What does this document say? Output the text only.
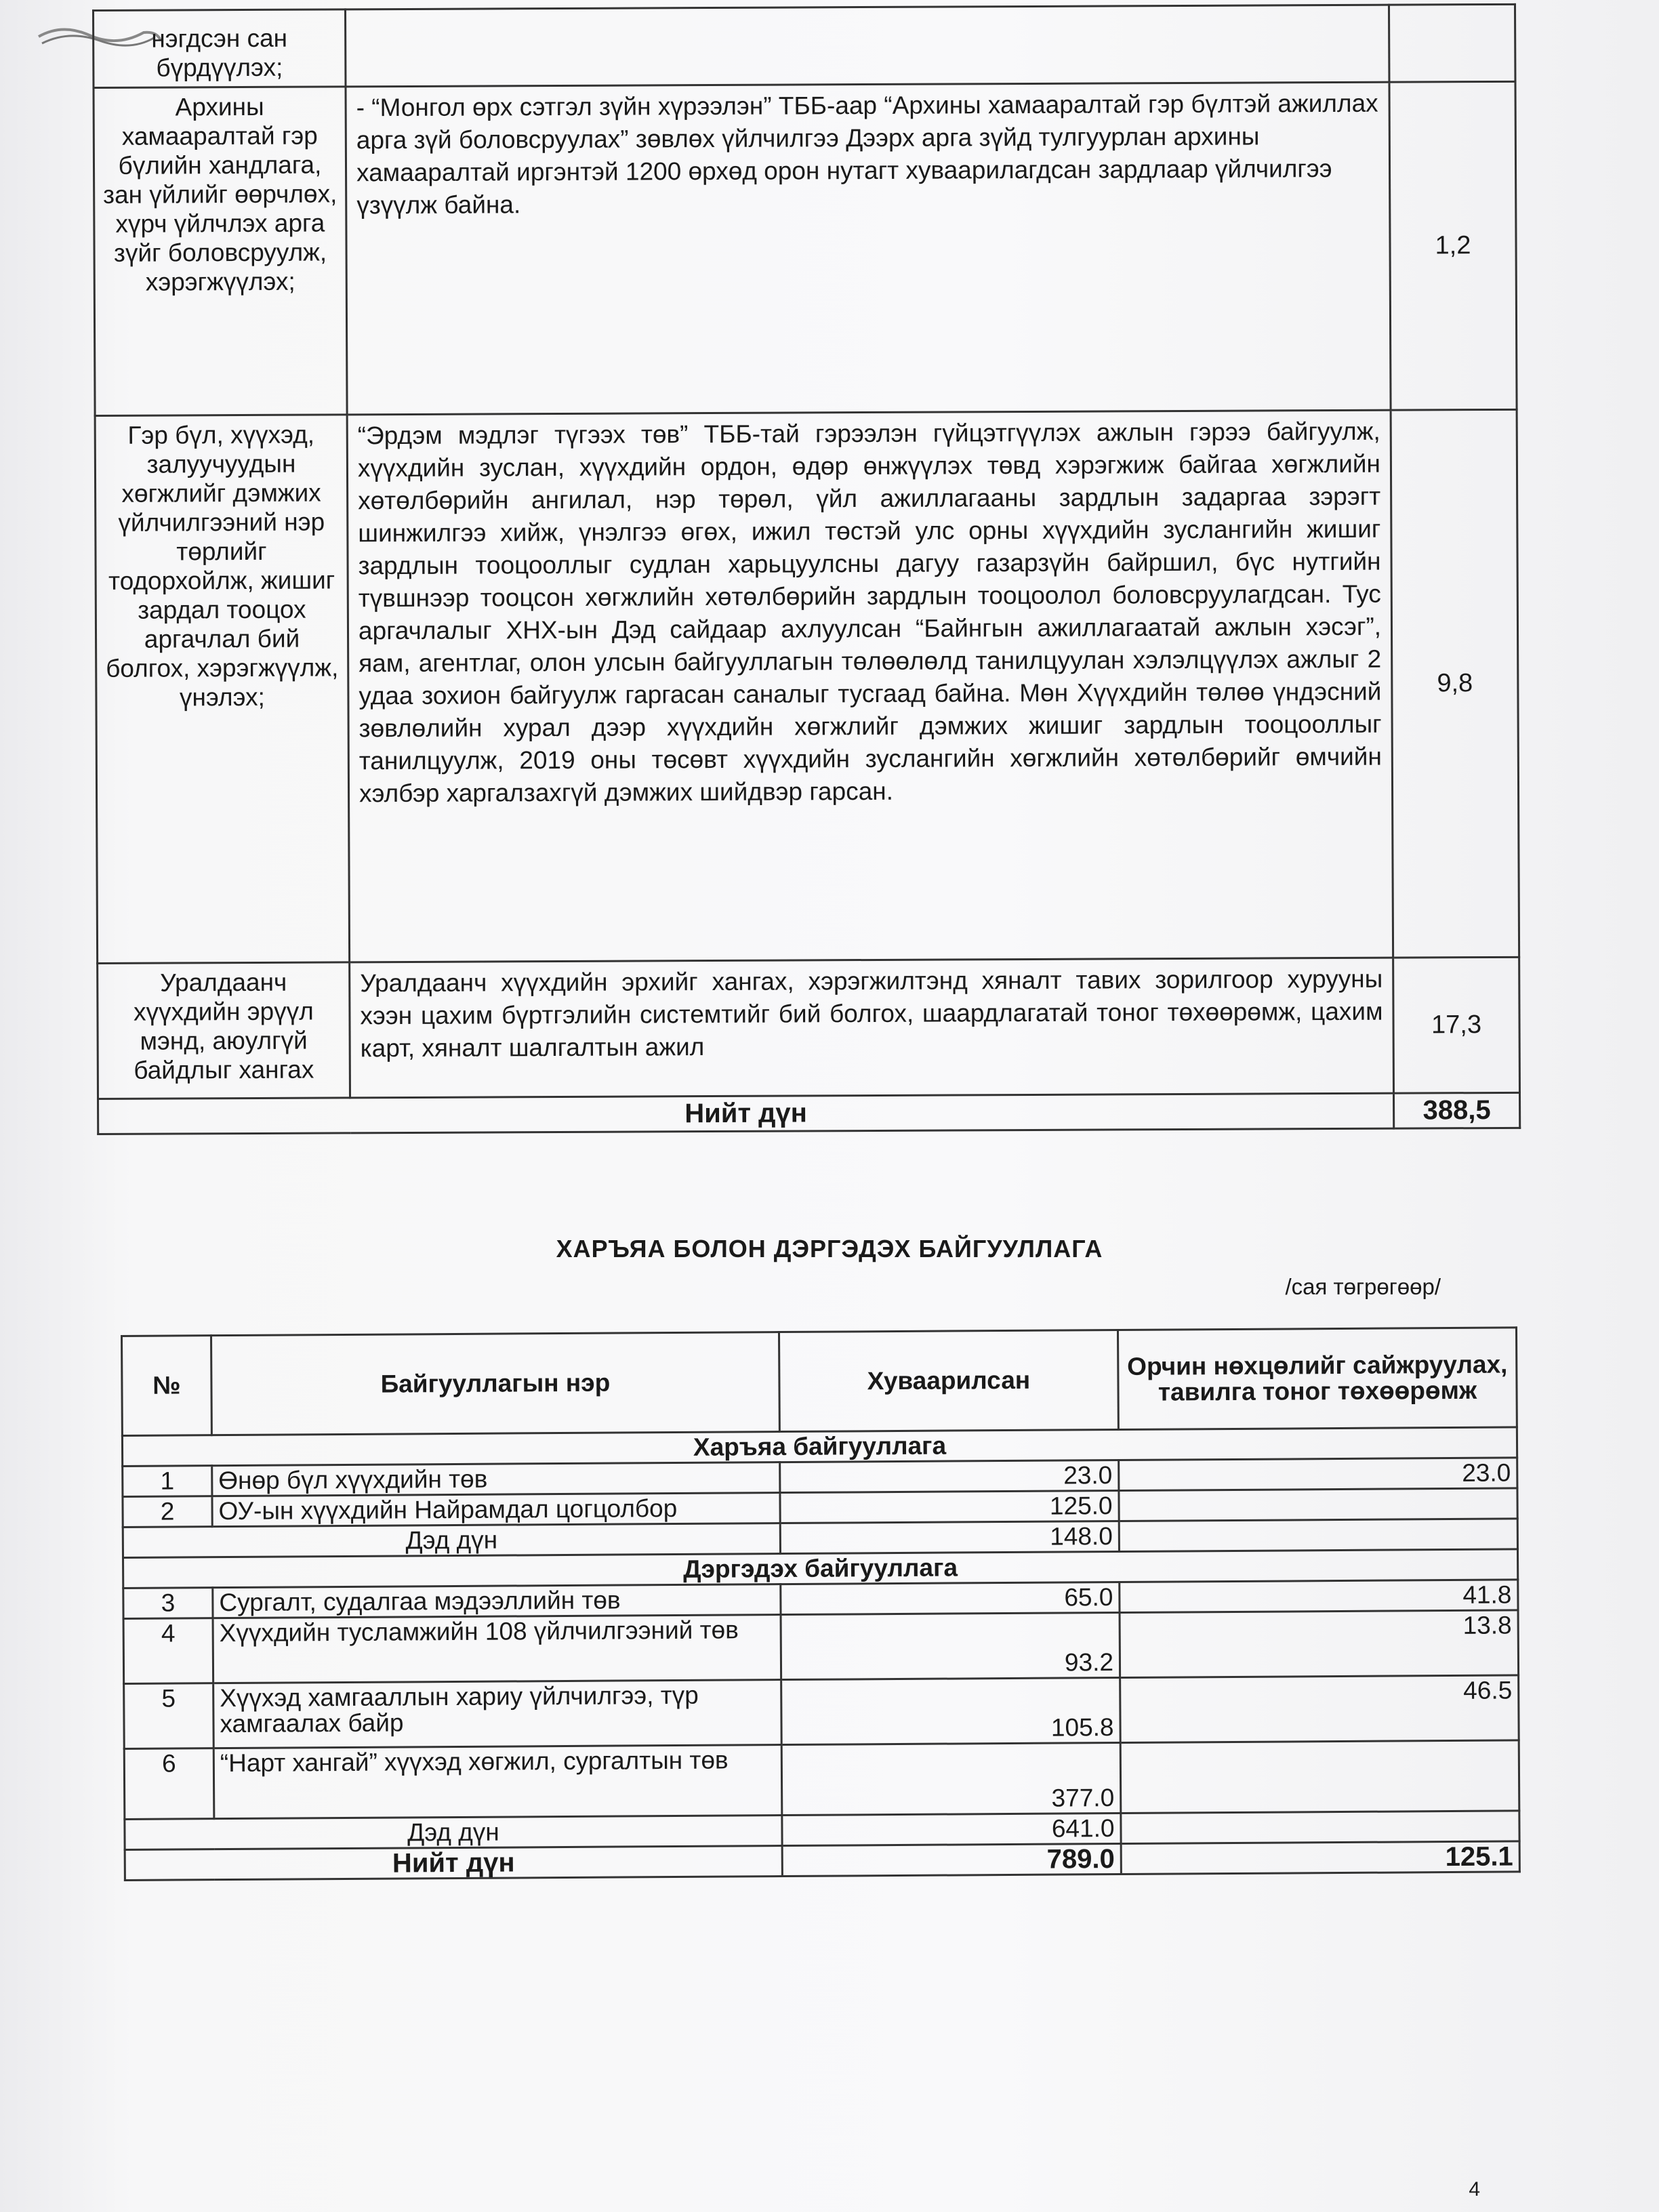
нэгдсэн сан бүрдүүлэх;		
Архины хамааралтай гэр бүлийн хандлага, зан үйлийг өөрчлөх, хүрч үйлчлэх арга зүйг боловсруулж, хэрэгжүүлэх;	- “Монгол өрх сэтгэл зүйн хүрээлэн” ТББ-аар “Архины хамааралтай гэр бүлтэй ажиллах арга зүй боловсруулах” зөвлөх үйлчилгээ Дээрх арга зүйд тулгуурлан архины хамааралтай иргэнтэй 1200 өрхөд орон нутагт хуваарилагдсан зардлаар үйлчилгээ үзүүлж байна.	1,2
Гэр бүл, хүүхэд, залуучуудын хөгжлийг дэмжих үйлчилгээний нэр төрлийг тодорхойлж, жишиг зардал тооцох аргачлал бий болгох, хэрэгжүүлж, үнэлэх;	“Эрдэм мэдлэг түгээх төв” ТББ-тай гэрээлэн гүйцэтгүүлэх ажлын гэрээ байгуулж, хүүхдийн зуслан, хүүхдийн ордон, өдөр өнжүүлэх төвд хэрэгжиж байгаа хөгжлийн хөтөлбөрийн ангилал, нэр төрөл, үйл ажиллагааны зардлын задаргаа зэрэгт шинжилгээ хийж, үнэлгээ өгөх, ижил төстэй улс орны хүүхдийн зуслангийн жишиг зардлын тооцооллыг судлан харьцуулсны дагуу газарзүйн байршил, бүс нутгийн түвшнээр тооцсон хөгжлийн хөтөлбөрийн зардлын тооцоолол боловсруулагдсан. Тус аргачлалыг ХНХ-ын Дэд сайдаар ахлуулсан “Байнгын ажиллагаатай ажлын хэсэг”, яам, агентлаг, олон улсын байгууллагын төлөөлөлд танилцуулан хэлэлцүүлэх ажлыг 2 удаа зохион байгуулж гаргасан саналыг тусгаад байна. Мөн Хүүхдийн төлөө үндэсний зөвлөлийн хурал дээр хүүхдийн хөгжлийг дэмжих жишиг зардлын тооцооллыг танилцуулж, 2019 оны төсөвт хүүхдийн зуслангийн хөгжлийн хөтөлбөрийг өмчийн хэлбэр харгалзахгүй дэмжих шийдвэр гарсан.	9,8
Уралдаанч хүүхдийн эрүүл мэнд, аюулгүй байдлыг хангах	Уралдаанч хүүхдийн эрхийг хангах, хэрэгжилтэнд хяналт тавих зорилгоор хурууны хээн цахим бүртгэлийн системтийг бий болгох, шаардлагатай тоног төхөөрөмж, цахим карт, хяналт шалгалтын ажил	17,3
Нийт дүн		388,5
ХАРЪЯА БОЛОН ДЭРГЭДЭХ БАЙГУУЛЛАГА
/сая төгрөгөөр/
№	Байгууллагын нэр	Хуваарилсан	Орчин нөхцөлийг сайжруулах, тавилга тоног төхөөрөмж
Харъяа байгууллага			
1	Өнөр бүл хүүхдийн төв	23.0	23.0
2	ОУ-ын хүүхдийн Найрамдал цогцолбор	125.0	
Дэд дүн		148.0	
Дэргэдэх байгууллага			
3	Сургалт, судалгаа мэдээллийн төв	65.0	41.8
4	Хүүхдийн тусламжийн 108 үйлчилгээний төв	93.2	13.8
5	Хүүхэд хамгааллын хариу үйлчилгээ, түр хамгаалах байр	105.8	46.5
6	“Нарт хангай” хүүхэд хөгжил, сургалтын төв	377.0	
Дэд дүн		641.0	
Нийт дүн		789.0	125.1
4
